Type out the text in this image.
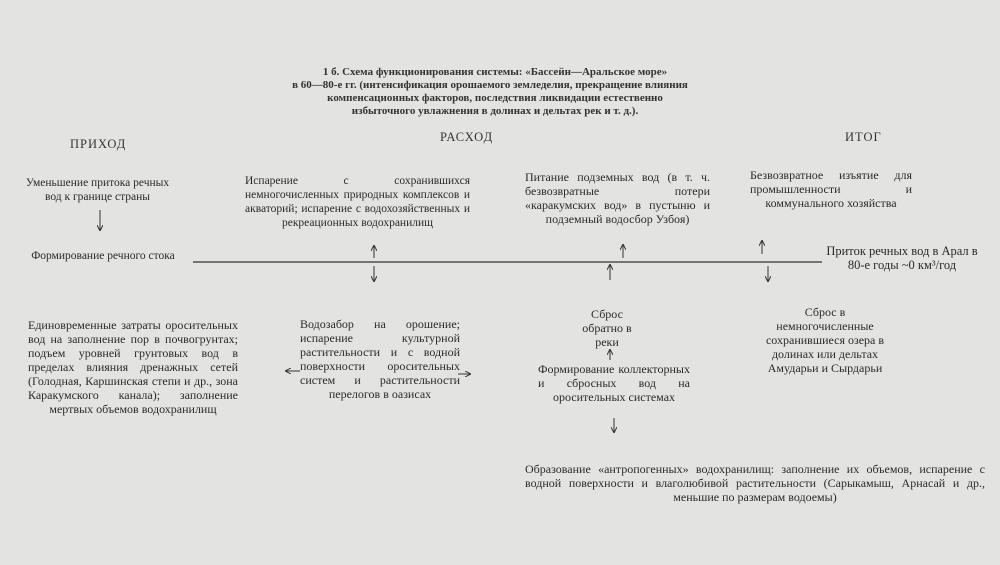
1 б. Схема функционирования системы: «Бассейн—Аральское море»
в 60—80-е гг. (интенсификация орошаемого земледелия, прекращение влияния
компенсационных факторов, последствия ликвидации естественно
избыточного увлажнения в долинах и дельтах рек и т. д.).
ПРИХОД	РАСХОД	ИТОГ
Уменьшение притока речных вод к границе страны
Формирование речного стока
Единовременные затраты оросительных вод на заполнение пор в почвогрунтах; подъем уровней грунтовых вод в пределах влияния дренажных сетей (Голодная, Каршинская степи и др., зона Каракумского канала); заполнение мертвых объемов водохранилищ
Испарение с сохранившихся немногочисленных природных комплексов и акваторий; испарение с водохозяйственных и рекреационных водохранилищ
Водозабор на орошение; испарение культурной растительности и с водной поверхности оросительных систем и растительности перелогов в оазисах
Питание подземных вод (в т. ч. безвозвратные потери «каракумских вод» в пустыню и подземный водосбор Узбоя)
Сброс обратно в реки
Формирование коллекторных и сбросных вод на оросительных системах
Безвозвратное изъятие для промышленности и коммунального хозяйства
Приток речных вод в Арал в 80-е годы ~0 км³/год
Сброс в немногочисленные сохранившиеся озера в долинах или дельтах Амударьи и Сырдарьи
Образование «антропогенных» водохранилищ: заполнение их объемов, испарение с водной поверхности и влаголюбивой растительности (Сарыкамыш, Арнасай и др., меньшие по размерам водоемы)
